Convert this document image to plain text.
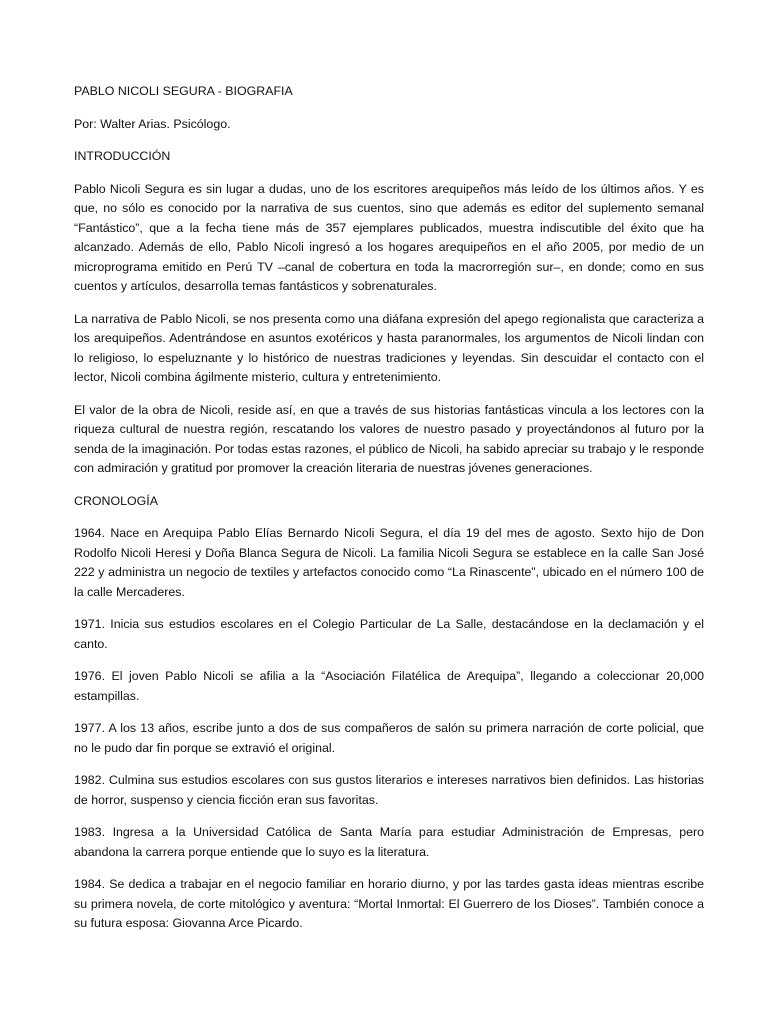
PABLO NICOLI SEGURA - BIOGRAFIA

Por: Walter Arias. Psicólogo.

INTRODUCCIÓN

Pablo Nicoli Segura es sin lugar a dudas, uno de los escritores arequipeños más leído de los últimos años. Y es que, no sólo es conocido por la narrativa de sus cuentos, sino que además es editor del suplemento semanal “Fantástico”, que a la fecha tiene más de 357 ejemplares publicados, muestra indiscutible del éxito que ha alcanzado. Además de ello, Pablo Nicoli ingresó a los hogares arequipeños en el año 2005, por medio de un microprograma emitido en Perú TV –canal de cobertura en toda la macrorregión sur–, en donde; como en sus cuentos y artículos, desarrolla temas fantásticos y sobrenaturales.

La narrativa de Pablo Nicoli, se nos presenta como una diáfana expresión del apego regionalista que caracteriza a los arequipeños. Adentrándose en asuntos exotéricos y hasta paranormales, los argumentos de Nicoli lindan con lo religioso, lo espeluznante y lo histórico de nuestras tradiciones y leyendas. Sin descuidar el contacto con el lector, Nicoli combina ágilmente misterio, cultura y entretenimiento.

El valor de la obra de Nicoli, reside así, en que a través de sus historias fantásticas vincula a los lectores con la riqueza cultural de nuestra región, rescatando los valores de nuestro pasado y proyectándonos al futuro por la senda de la imaginación. Por todas estas razones, el público de Nicoli, ha sabido apreciar su trabajo y le responde con admiración y gratitud por promover la creación literaria de nuestras jóvenes generaciones.

CRONOLOGÍA

1964. Nace en Arequipa Pablo Elías Bernardo Nicoli Segura, el día 19 del mes de agosto. Sexto hijo de Don Rodolfo Nicoli Heresi y Doña Blanca Segura de Nicoli. La familia Nicoli Segura se establece en la calle San José 222 y administra un negocio de textiles y artefactos conocido como “La Rinascente”, ubicado en el número 100 de la calle Mercaderes.

1971. Inicia sus estudios escolares en el Colegio Particular de La Salle, destacándose en la declamación y el canto.

1976. El joven Pablo Nicoli se afilia a la “Asociación Filatélica de Arequipa”, llegando a coleccionar 20,000 estampillas.

1977. A los 13 años, escribe junto a dos de sus compañeros de salón su primera narración de corte policial, que no le pudo dar fin porque se extravió el original.

1982. Culmina sus estudios escolares con sus gustos literarios e intereses narrativos bien definidos. Las historias de horror, suspenso y ciencia ficción eran sus favoritas.

1983. Ingresa a la Universidad Católica de Santa María para estudiar Administración de Empresas, pero abandona la carrera porque entiende que lo suyo es la literatura.

1984. Se dedica a trabajar en el negocio familiar en horario diurno, y por las tardes gasta ideas mientras escribe su primera novela, de corte mitológico y aventura: “Mortal Inmortal: El Guerrero de los Dioses”. También conoce a su futura esposa: Giovanna Arce Picardo.
